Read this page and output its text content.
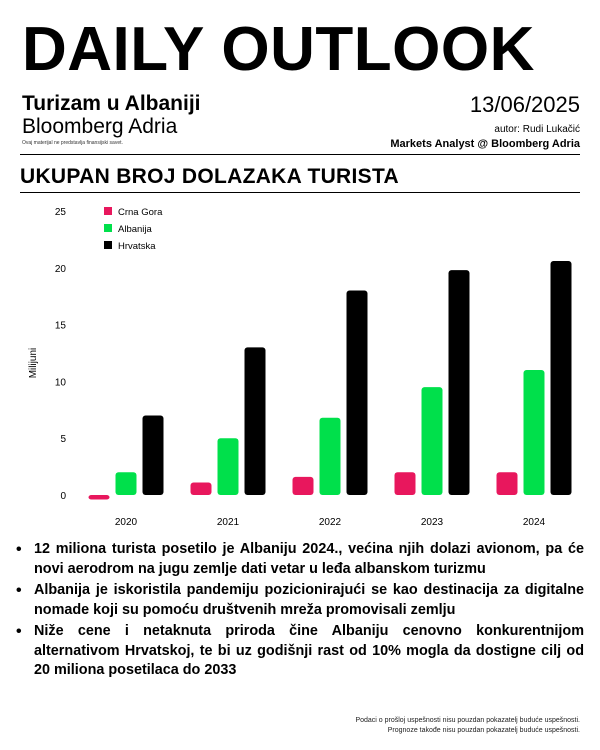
DAILY OUTLOOK
Turizam u Albaniji
Bloomberg Adria
Ovaj materijal ne predstavlja finansijski savet.
13/06/2025
autor: Rudi Lukačić
Markets Analyst @ Bloomberg Adria
UKUPAN BROJ DOLAZAKA TURISTA
0
5
10
15
20
25
Milijuni
2020	2021	2022	2023	2024
Crna Gora
Albanija
Hrvatska
• 12 miliona turista posetilo je Albaniju 2024., većina njih dolazi avionom, pa će novi aerodrom na jugu zemlje dati vetar u leđa albanskom turizmu
• Albanija je iskoristila pandemiju pozicionirajući se kao destinacija za digitalne nomade koji su pomoću društvenih mreža promovisali zemlju
• Niže cene i netaknuta priroda čine Albaniju cenovno konkurentnijom alternativom Hrvatskoj, te bi uz godišnji rast od 10% mogla da dostigne cilj od 20 miliona posetilaca do 2033
Podaci o prošloj uspešnosti nisu pouzdan pokazatelj buduće uspešnosti.
Prognoze takođe nisu pouzdan pokazatelj buduće uspešnosti.
